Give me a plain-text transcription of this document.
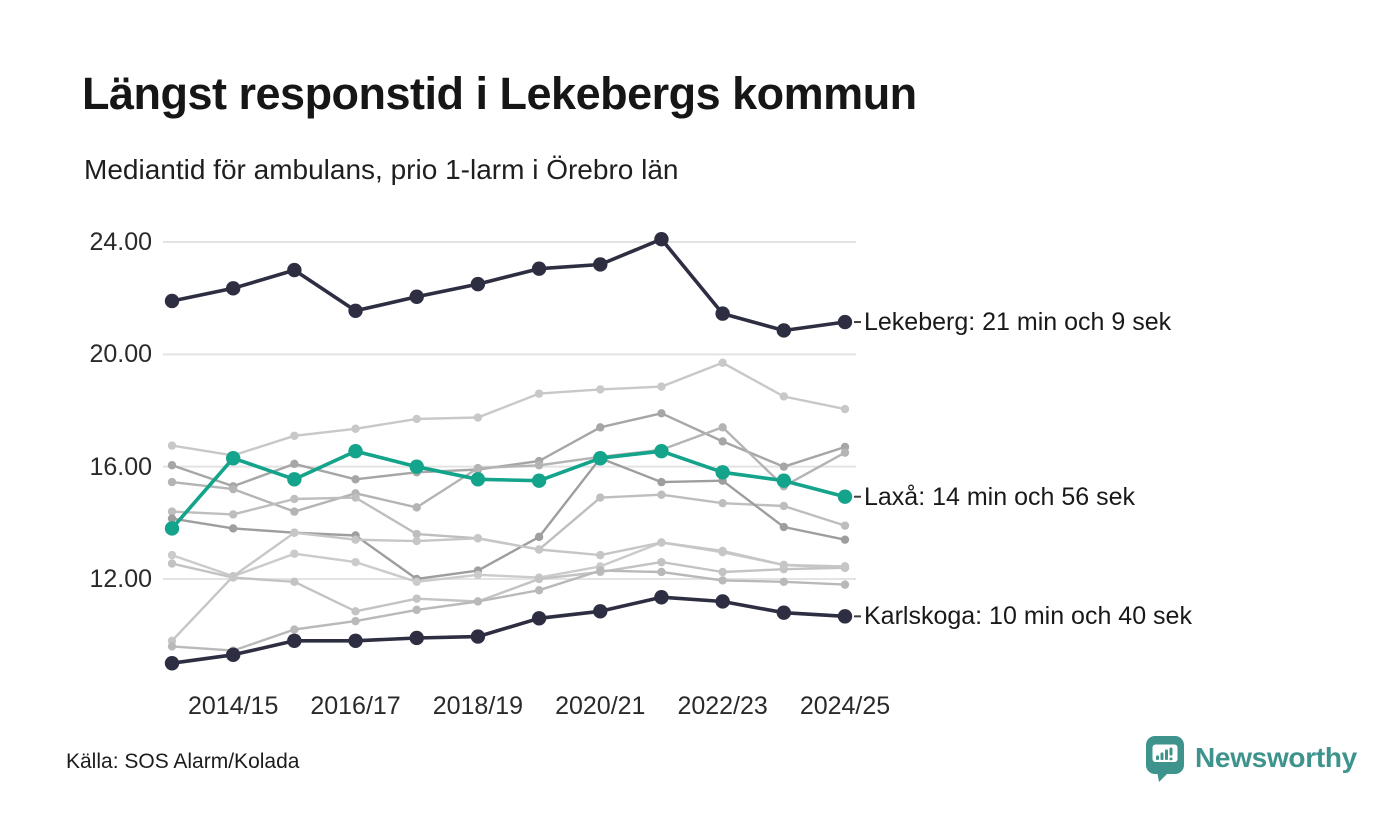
Längst responstid i Lekebergs kommun
Mediantid för ambulans, prio 1-larm i Örebro län
24.00
20.00
16.00
12.00
2014/15	2016/17	2018/19	2020/21	2022/23	2024/25
Lekeberg: 21 min och 9 sek
Laxå: 14 min och 56 sek
Karlskoga: 10 min och 40 sek
Källa: SOS Alarm/Kolada	Newsworthy
